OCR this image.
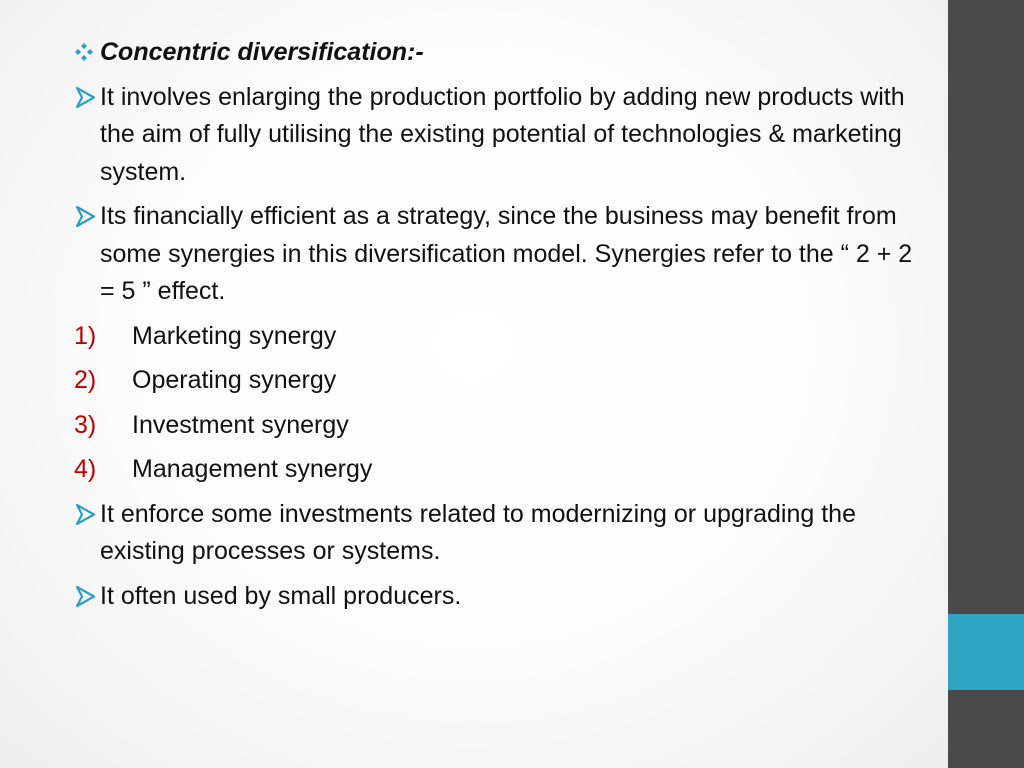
Concentric diversification:-
It involves enlarging the production portfolio by adding new products with the aim of fully utilising the existing potential of technologies & marketing system.
Its financially efficient as a strategy, since the business may benefit from some synergies in this diversification model. Synergies refer to the “ 2 + 2 = 5 ” effect.
1) Marketing synergy
2) Operating synergy
3) Investment synergy
4) Management synergy
It enforce some investments related to modernizing or upgrading the existing processes or systems.
It often used by small producers.
